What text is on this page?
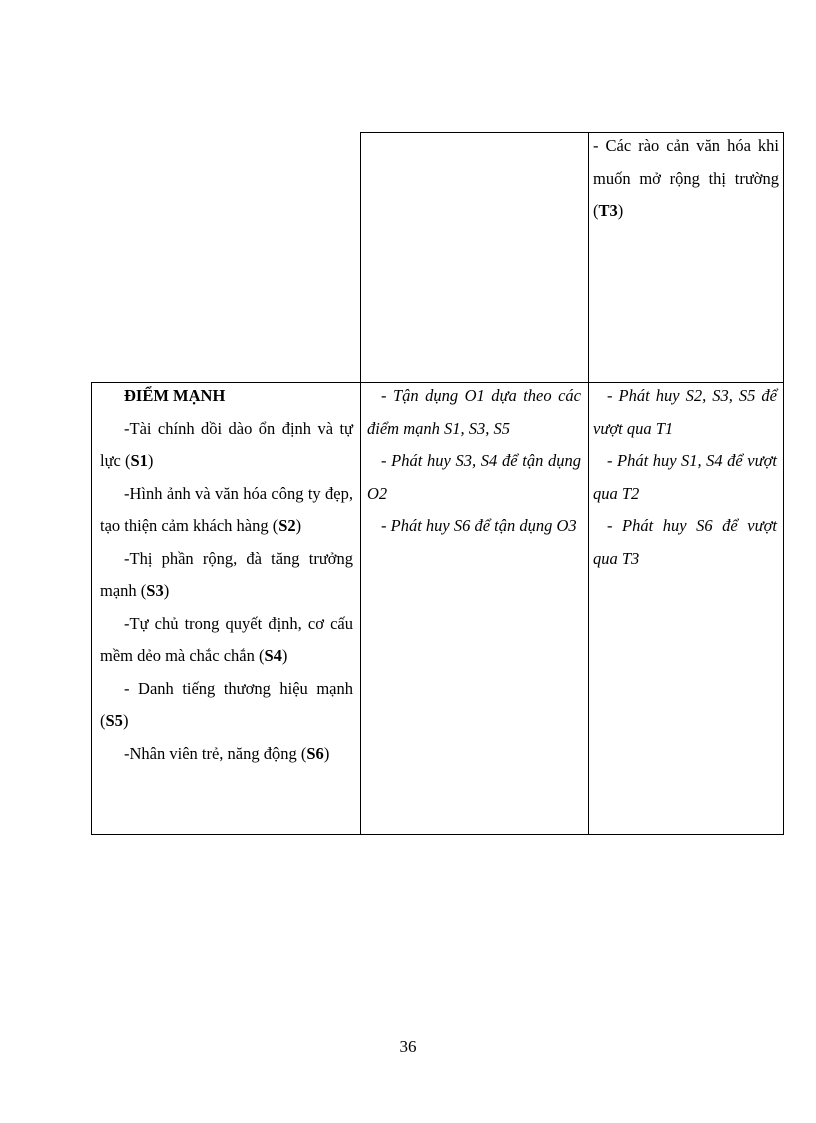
- Các rào cản văn hóa khi muốn mở rộng thị trường (T3)

ĐIỂM MẠNH

-Tài chính dồi dào ổn định và tự lực (S1)

-Hình ảnh và văn hóa công ty đẹp, tạo thiện cảm khách hàng (S2)

-Thị phần rộng, đà tăng trưởng mạnh (S3)

-Tự chủ trong quyết định, cơ cấu mềm dẻo mà chắc chắn (S4)

- Danh tiếng thương hiệu mạnh (S5)

-Nhân viên trẻ, năng động (S6)

- Tận dụng O1 dựa theo các điểm mạnh S1, S3, S5

- Phát huy S3, S4 để tận dụng O2

- Phát huy S6 để tận dụng O3

- Phát huy S2, S3, S5 để vượt qua T1

- Phát huy S1, S4 để vượt qua T2

- Phát huy S6 để vượt qua T3

36
